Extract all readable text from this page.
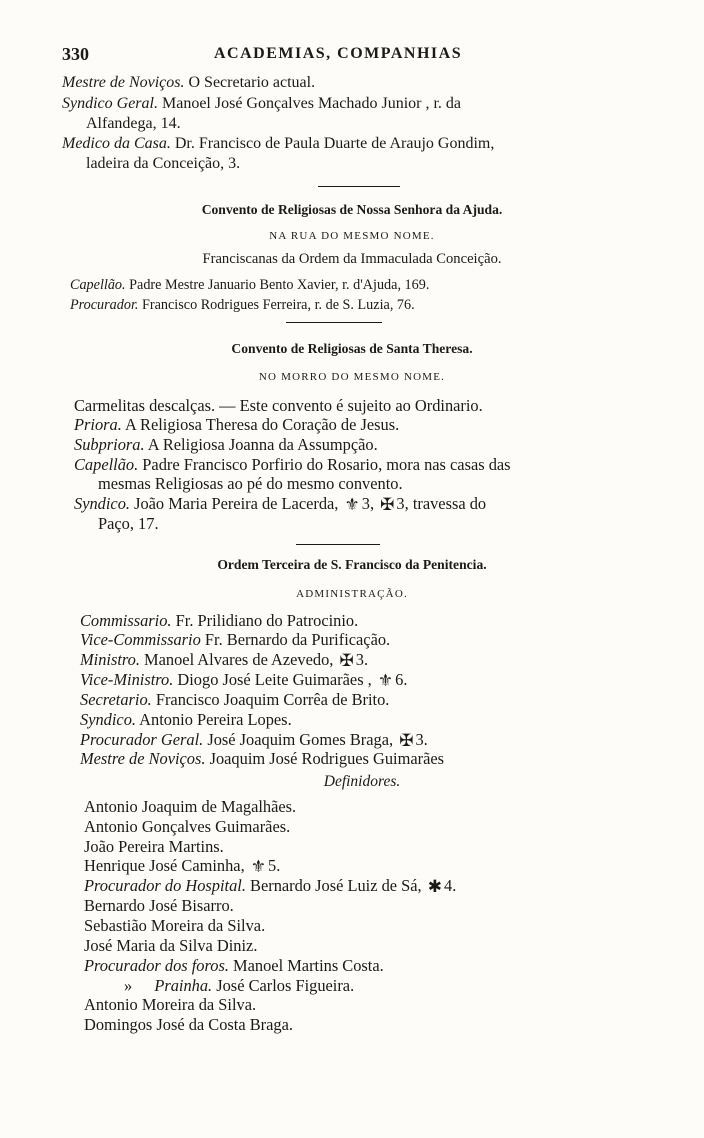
330	ACADEMIAS, COMPANHIAS
Mestre de Noviços. O Secretario actual.
Syndico Geral. Manoel José Gonçalves Machado Junior , r. da
Alfandega, 14.
Medico da Casa. Dr. Francisco de Paula Duarte de Araujo Gondim,
ladeira da Conceição, 3.
Convento de Religiosas de Nossa Senhora da Ajuda.
NA RUA DO MESMO NOME.
Franciscanas da Ordem da Immaculada Conceição.
Capellão. Padre Mestre Januario Bento Xavier, r. d'Ajuda, 169.
Procurador. Francisco Rodrigues Ferreira, r. de S. Luzia, 76.
Convento de Religiosas de Santa Theresa.
NO MORRO DO MESMO NOME.
Carmelitas descalças. — Este convento é sujeito ao Ordinario.
Priora. A Religiosa Theresa do Coração de Jesus.
Subpriora. A Religiosa Joanna da Assumpção.
Capellão. Padre Francisco Porfirio do Rosario, mora nas casas das
mesmas Religiosas ao pé do mesmo convento.
Syndico. João Maria Pereira de Lacerda, ⚜ 3, ✠ 3, travessa do
Paço, 17.
Ordem Terceira de S. Francisco da Penitencia.
ADMINISTRAÇÃO.
Commissario. Fr. Prilidiano do Patrocinio.
Vice-Commissario Fr. Bernardo da Purificação.
Ministro. Manoel Alvares de Azevedo, ✠ 3.
Vice-Ministro. Diogo José Leite Guimarães , ⚜ 6.
Secretario. Francisco Joaquim Corrêa de Brito.
Syndico. Antonio Pereira Lopes.
Procurador Geral. José Joaquim Gomes Braga, ✠ 3.
Mestre de Noviços. Joaquim José Rodrigues Guimarães
Definidores.
Antonio Joaquim de Magalhães.
Antonio Gonçalves Guimarães.
João Pereira Martins.
Henrique José Caminha, ⚜ 5.
Procurador do Hospital. Bernardo José Luiz de Sá, ✱ 4.
Bernardo José Bisarro.
Sebastião Moreira da Silva.
José Maria da Silva Diniz.
Procurador dos foros. Manoel Martins Costa.
» Prainha. José Carlos Figueira.
Antonio Moreira da Silva.
Domingos José da Costa Braga.
